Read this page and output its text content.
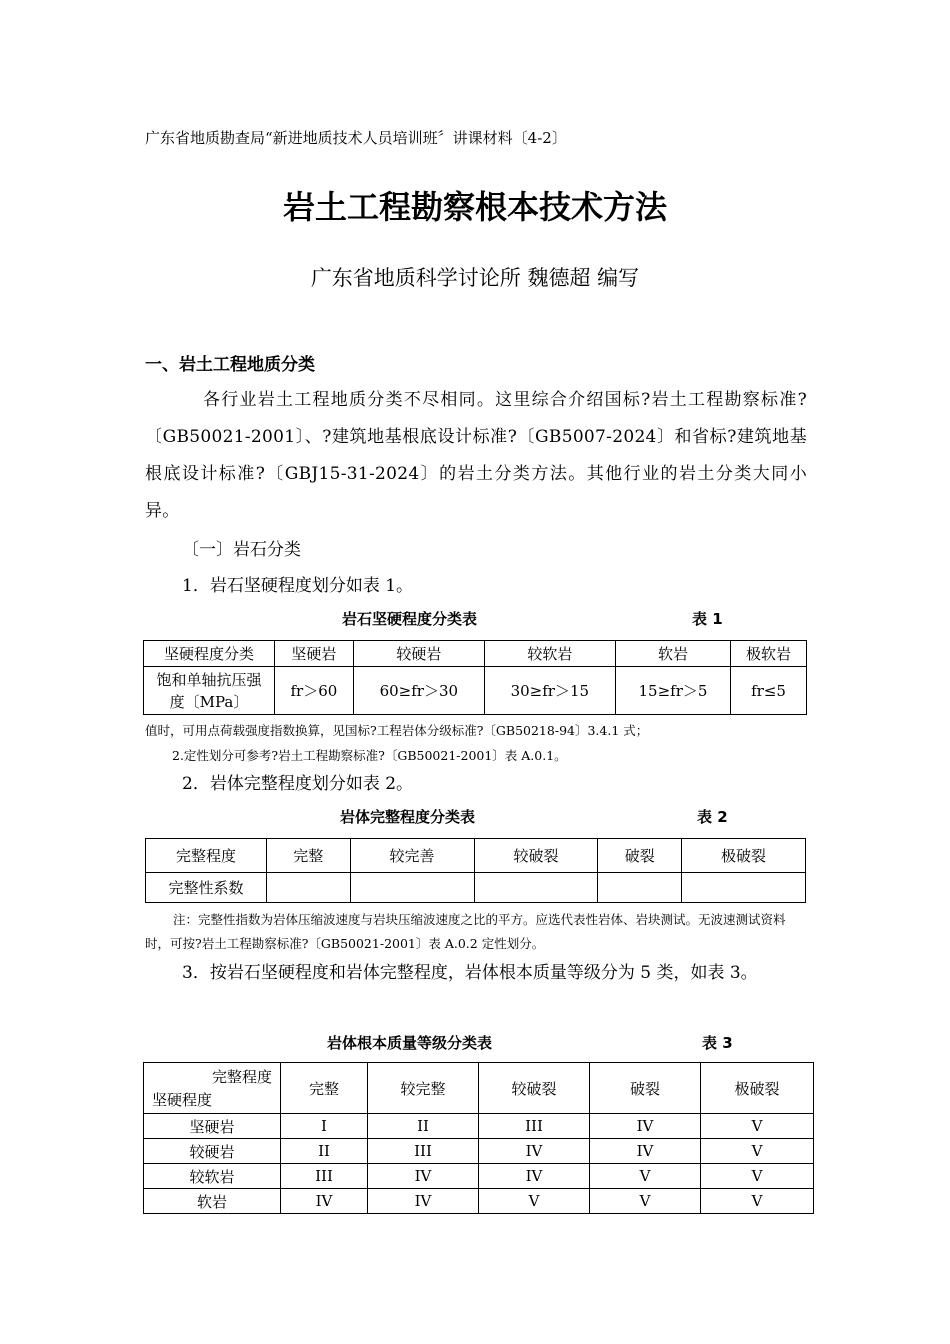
广东省地质勘查局“新进地质技术人员培训班〞讲课材料〔4-2〕
岩土工程勘察根本技术方法
广东省地质科学讨论所 魏德超 编写
一、岩土工程地质分类
各行业岩土工程地质分类不尽相同。这里综合介绍国标?岩土工程勘察标准?〔GB50021-2001〕、?建筑地基根底设计标准?〔GB5007-2024〕和省标?建筑地基根底设计标准?〔GBJ15-31-2024〕的岩土分类方法。其他行业的岩土分类大同小异。
〔一〕岩石分类
1．岩石坚硬程度划分如表 1。
岩石坚硬程度分类表	表 1
坚硬程度分类	坚硬岩	较硬岩	较软岩	软岩	极软岩
饱和单轴抗压强度〔MPa〕	fr＞60	60≥fr＞30	30≥fr＞15	15≥fr＞5	fr≤5
值时，可用点荷载强度指数换算，见国标?工程岩体分级标准?〔GB50218-94〕3.4.1 式；
2.定性划分可参考?岩土工程勘察标准?〔GB50021-2001〕表 A.0.1。
2．岩体完整程度划分如表 2。
岩体完整程度分类表	表 2
完整程度	完整	较完善	较破裂	破裂	极破裂
完整性系数					
注：完整性指数为岩体压缩波速度与岩块压缩波速度之比的平方。应选代表性岩体、岩块测试。无波速测试资料时，可按?岩土工程勘察标准?〔GB50021-2001〕表 A.0.2 定性划分。
3．按岩石坚硬程度和岩体完整程度，岩体根本质量等级分为 5 类，如表 3。
岩体根本质量等级分类表	表 3
完整程度
坚硬程度	完整	较完整	较破裂	破裂	极破裂
坚硬岩	I	II	III	IV	V
较硬岩	II	III	IV	IV	V
较软岩	III	IV	IV	V	V
软岩	IV	IV	V	V	V
